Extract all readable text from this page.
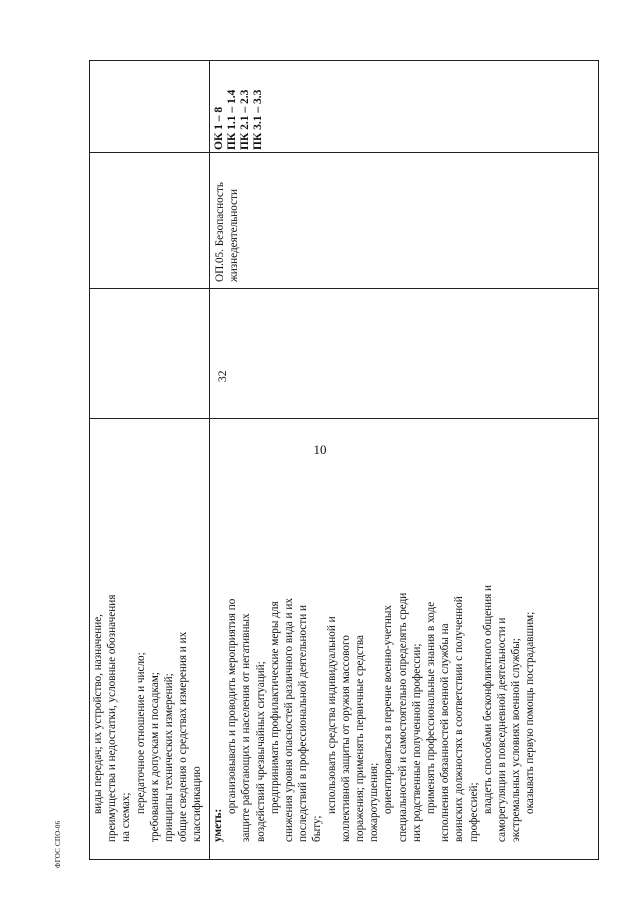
10
ФГОС СПО-06

виды передач; их устройство, назначение, преимущества и недостатки, условные обозначения на схемах;

передаточное отношение и число; требования к допускам и посадкам; принципы технических измерений; общие сведения о средствах измерения и их классификацию уметь:

организовывать и проводить мероприятия по защите работающих и населения от негативных воздействий чрезвычайных ситуаций; предпринимать профилактические меры для снижения уровня опасностей различного вида и их последствий в профессиональной деятельности и быту;

использовать средства индивидуальной и коллективной защиты от оружия массового поражения; применять первичные средства пожаротушения; ориентироваться в перечне военно-учетных специальностей и самостоятельно определять среди них родственные полученной профессии; применять профессиональные знания в ходе исполнения обязанностей военной службы на воинских должностях в соответствии с полученной профессией; владеть способами бесконфликтного общения и саморегуляции в повседневной деятельности и экстремальных условиях военной службы; оказывать первую помощь пострадавшим;

32
ОП.05. Безопасность жизнедеятельности
ОК 1 – 8 ПК 1.1 – 1.4 ПК 2.1 – 2.3 ПК 3.1 – 3.3
